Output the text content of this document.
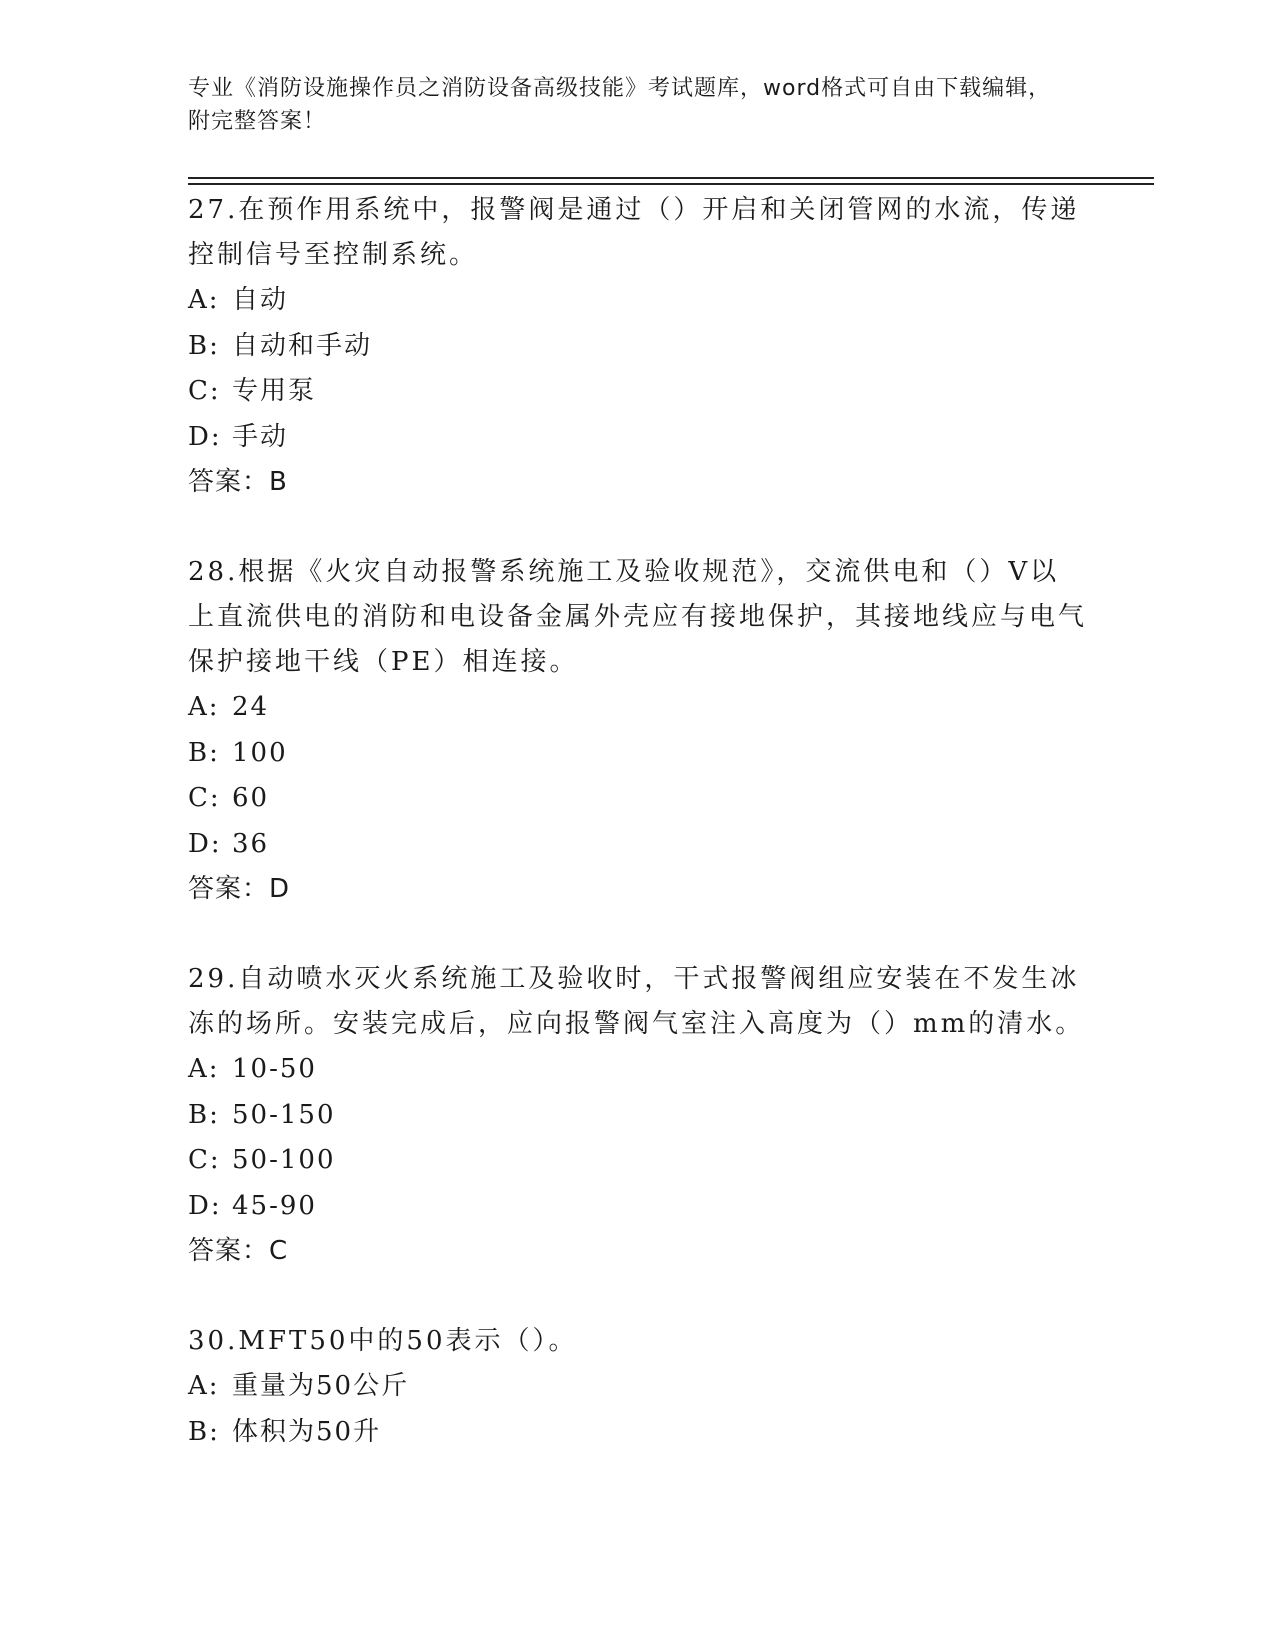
专业《消防设施操作员之消防设备高级技能》考试题库，word格式可自由下载编辑，附完整答案！

27.在预作用系统中，报警阀是通过（）开启和关闭管网的水流，传递控制信号至控制系统。

A: 自动

B: 自动和手动

C: 专用泵

D: 手动

答案：B

28.根据《火灾自动报警系统施工及验收规范》，交流供电和（）V以上直流供电的消防和电设备金属外壳应有接地保护，其接地线应与电气保护接地干线（PE）相连接。

A: 24

B: 100

C: 60

D: 36

答案：D

29.自动喷水灭火系统施工及验收时，干式报警阀组应安装在不发生冰冻的场所。安装完成后，应向报警阀气室注入高度为（）mm的清水。

A: 10-50

B: 50-150

C: 50-100

D: 45-90

答案：C

30.MFT50中的50表示（）。

A: 重量为50公斤

B: 体积为50升
